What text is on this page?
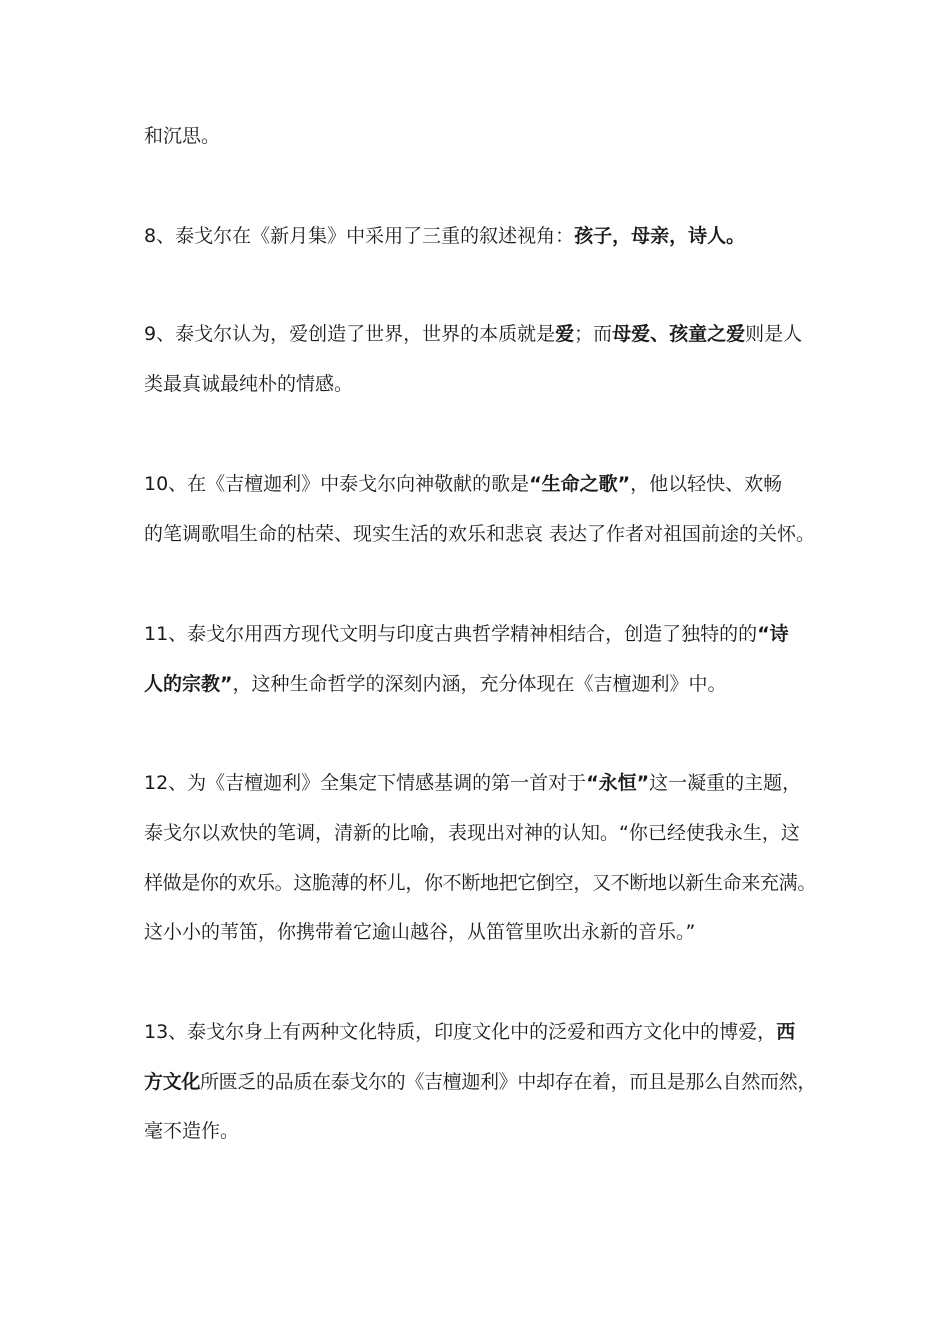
和沉思。
8、泰戈尔在《新月集》中采用了三重的叙述视角：孩子，母亲，诗人。
9、泰戈尔认为，爱创造了世界，世界的本质就是爱；而母爱、孩童之爱则是人
类最真诚最纯朴的情感。
10、在《吉檀迦利》中泰戈尔向神敬献的歌是“生命之歌”，他以轻快、欢畅
的笔调歌唱生命的枯荣、现实生活的欢乐和悲哀 表达了作者对祖国前途的关怀。
11、泰戈尔用西方现代文明与印度古典哲学精神相结合，创造了独特的的“诗
人的宗教”，这种生命哲学的深刻内涵，充分体现在《吉檀迦利》中。
12、为《吉檀迦利》全集定下情感基调的第一首对于“永恒”这一凝重的主题，
泰戈尔以欢快的笔调，清新的比喻，表现出对神的认知。“你已经使我永生，这
样做是你的欢乐。这脆薄的杯儿，你不断地把它倒空，又不断地以新生命来充满。
这小小的苇笛，你携带着它逾山越谷，从笛管里吹出永新的音乐。”
13、泰戈尔身上有两种文化特质，印度文化中的泛爱和西方文化中的博爱，西
方文化所匮乏的品质在泰戈尔的《吉檀迦利》中却存在着，而且是那么自然而然，
毫不造作。
